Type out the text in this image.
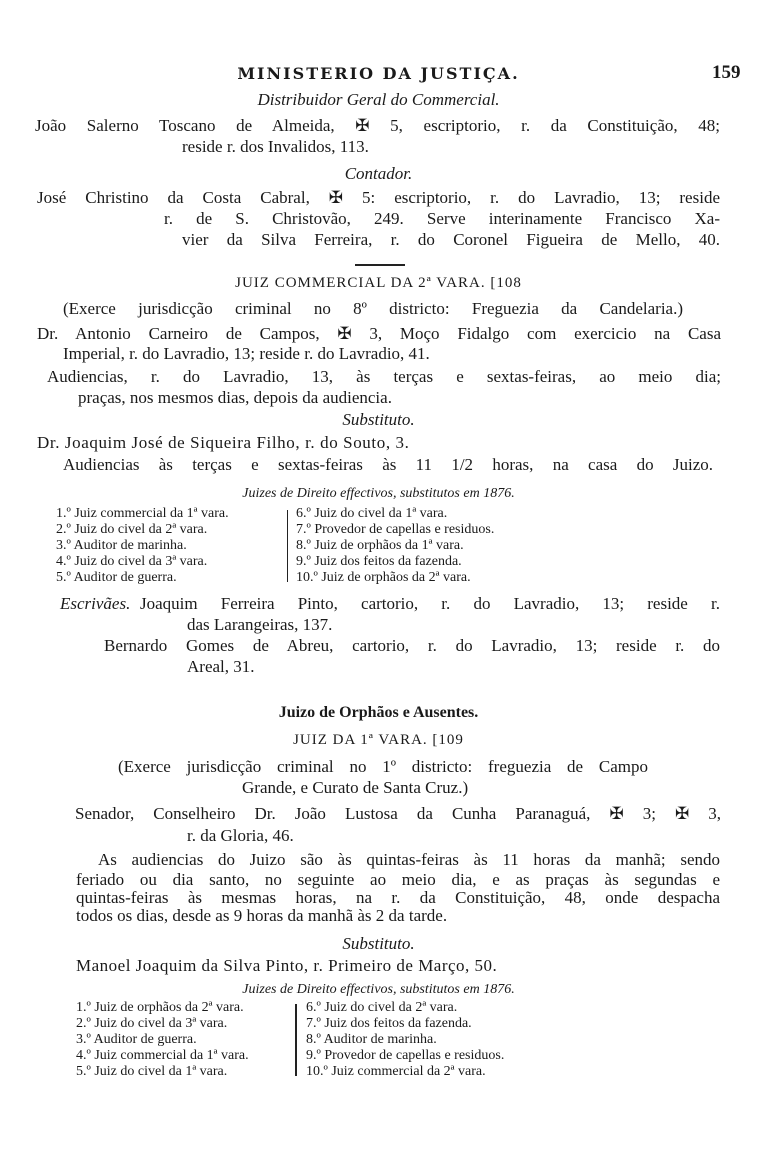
MINISTERIO DA JUSTIÇA.	159
Distribuidor Geral do Commercial.
João Salerno Toscano de Almeida, ✠ 5, escriptorio, r. da Constituição, 48;
reside r. dos Invalidos, 113.
Contador.
José Christino da Costa Cabral, ✠ 5: escriptorio, r. do Lavradio, 13; reside
r. de S. Christovão, 249. Serve interinamente Francisco Xa-
vier da Silva Ferreira, r. do Coronel Figueira de Mello, 40.
JUIZ COMMERCIAL DA 2ª VARA. [108
(Exerce jurisdicção criminal no 8º districto: Freguezia da Candelaria.)
Dr. Antonio Carneiro de Campos, ✠ 3, Moço Fidalgo com exercicio na Casa
Imperial, r. do Lavradio, 13; reside r. do Lavradio, 41.
Audiencias, r. do Lavradio, 13, às terças e sextas-feiras, ao meio dia;
praças, nos mesmos dias, depois da audiencia.
Substituto.
Dr. Joaquim José de Siqueira Filho, r. do Souto, 3.
Audiencias às terças e sextas-feiras às 11 1/2 horas, na casa do Juizo.
Juizes de Direito effectivos, substitutos em 1876.
1.º Juiz commercial da 1ª vara.
2.º Juiz do civel da 2ª vara.
3.º Auditor de marinha.
4.º Juiz do civel da 3ª vara.
5.º Auditor de guerra.
6.º Juiz do civel da 1ª vara.
7.º Provedor de capellas e residuos.
8.º Juiz de orphãos da 1ª vara.
9.º Juiz dos feitos da fazenda.
10.º Juiz de orphãos da 2ª vara.
Escrivães. Joaquim Ferreira Pinto, cartorio, r. do Lavradio, 13; reside r.
das Larangeiras, 137.
Bernardo Gomes de Abreu, cartorio, r. do Lavradio, 13; reside r. do
Areal, 31.
Juizo de Orphãos e Ausentes.
JUIZ DA 1ª VARA. [109
(Exerce jurisdicção criminal no 1º districto: freguezia de Campo
Grande, e Curato de Santa Cruz.)
Senador, Conselheiro Dr. João Lustosa da Cunha Paranaguá, ✠ 3; ✠ 3,
r. da Gloria, 46.
As audiencias do Juizo são às quintas-feiras às 11 horas da manhã; sendo
feriado ou dia santo, no seguinte ao meio dia, e as praças às segundas e
quintas-feiras às mesmas horas, na r. da Constituição, 48, onde despacha
todos os dias, desde as 9 horas da manhã às 2 da tarde.
Substituto.
Manoel Joaquim da Silva Pinto, r. Primeiro de Março, 50.
Juizes de Direito effectivos, substitutos em 1876.
1.º Juiz de orphãos da 2ª vara.
2.º Juiz do civel da 3ª vara.
3.º Auditor de guerra.
4.º Juiz commercial da 1ª vara.
5.º Juiz do civel da 1ª vara.
6.º Juiz do civel da 2ª vara.
7.º Juiz dos feitos da fazenda.
8.º Auditor de marinha.
9.º Provedor de capellas e residuos.
10.º Juiz commercial da 2ª vara.
